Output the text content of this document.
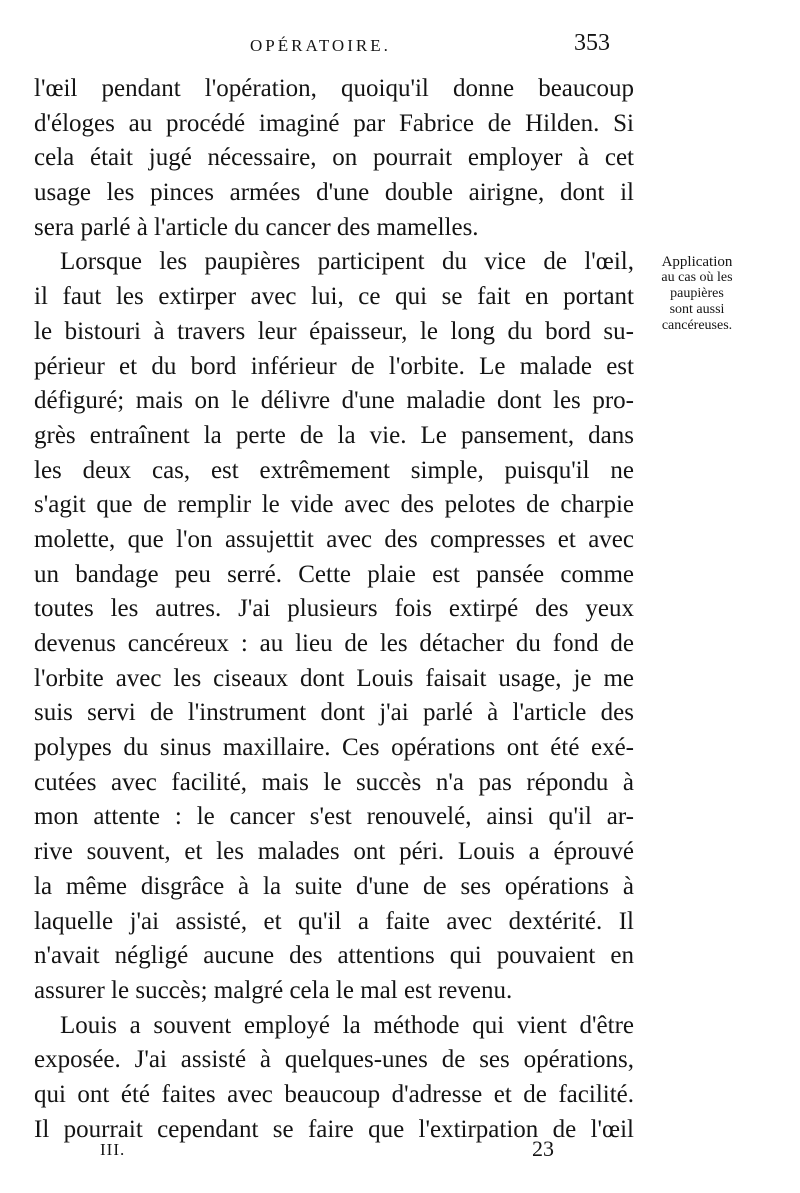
OPÉRATOIRE.	353
l'œil pendant l'opération, quoiqu'il donne beaucoup
d'éloges au procédé imaginé par Fabrice de Hilden. Si
cela était jugé nécessaire, on pourrait employer à cet
usage les pinces armées d'une double airigne, dont il
sera parlé à l'article du cancer des mamelles.
Lorsque les paupières participent du vice de l'œil,
il faut les extirper avec lui, ce qui se fait en portant
le bistouri à travers leur épaisseur, le long du bord su-
périeur et du bord inférieur de l'orbite. Le malade est
défiguré; mais on le délivre d'une maladie dont les pro-
grès entraînent la perte de la vie. Le pansement, dans
les deux cas, est extrêmement simple, puisqu'il ne
s'agit que de remplir le vide avec des pelotes de charpie
molette, que l'on assujettit avec des compresses et avec
un bandage peu serré. Cette plaie est pansée comme
toutes les autres. J'ai plusieurs fois extirpé des yeux
devenus cancéreux : au lieu de les détacher du fond de
l'orbite avec les ciseaux dont Louis faisait usage, je me
suis servi de l'instrument dont j'ai parlé à l'article des
polypes du sinus maxillaire. Ces opérations ont été exé-
cutées avec facilité, mais le succès n'a pas répondu à
mon attente : le cancer s'est renouvelé, ainsi qu'il ar-
rive souvent, et les malades ont péri. Louis a éprouvé
la même disgrâce à la suite d'une de ses opérations à
laquelle j'ai assisté, et qu'il a faite avec dextérité. Il
n'avait négligé aucune des attentions qui pouvaient en
assurer le succès; malgré cela le mal est revenu.
Louis a souvent employé la méthode qui vient d'être
exposée. J'ai assisté à quelques-unes de ses opérations,
qui ont été faites avec beaucoup d'adresse et de facilité.
Il pourrait cependant se faire que l'extirpation de l'œil
Application
au cas où les
paupières
sont aussi
cancéreuses.
III.	23
